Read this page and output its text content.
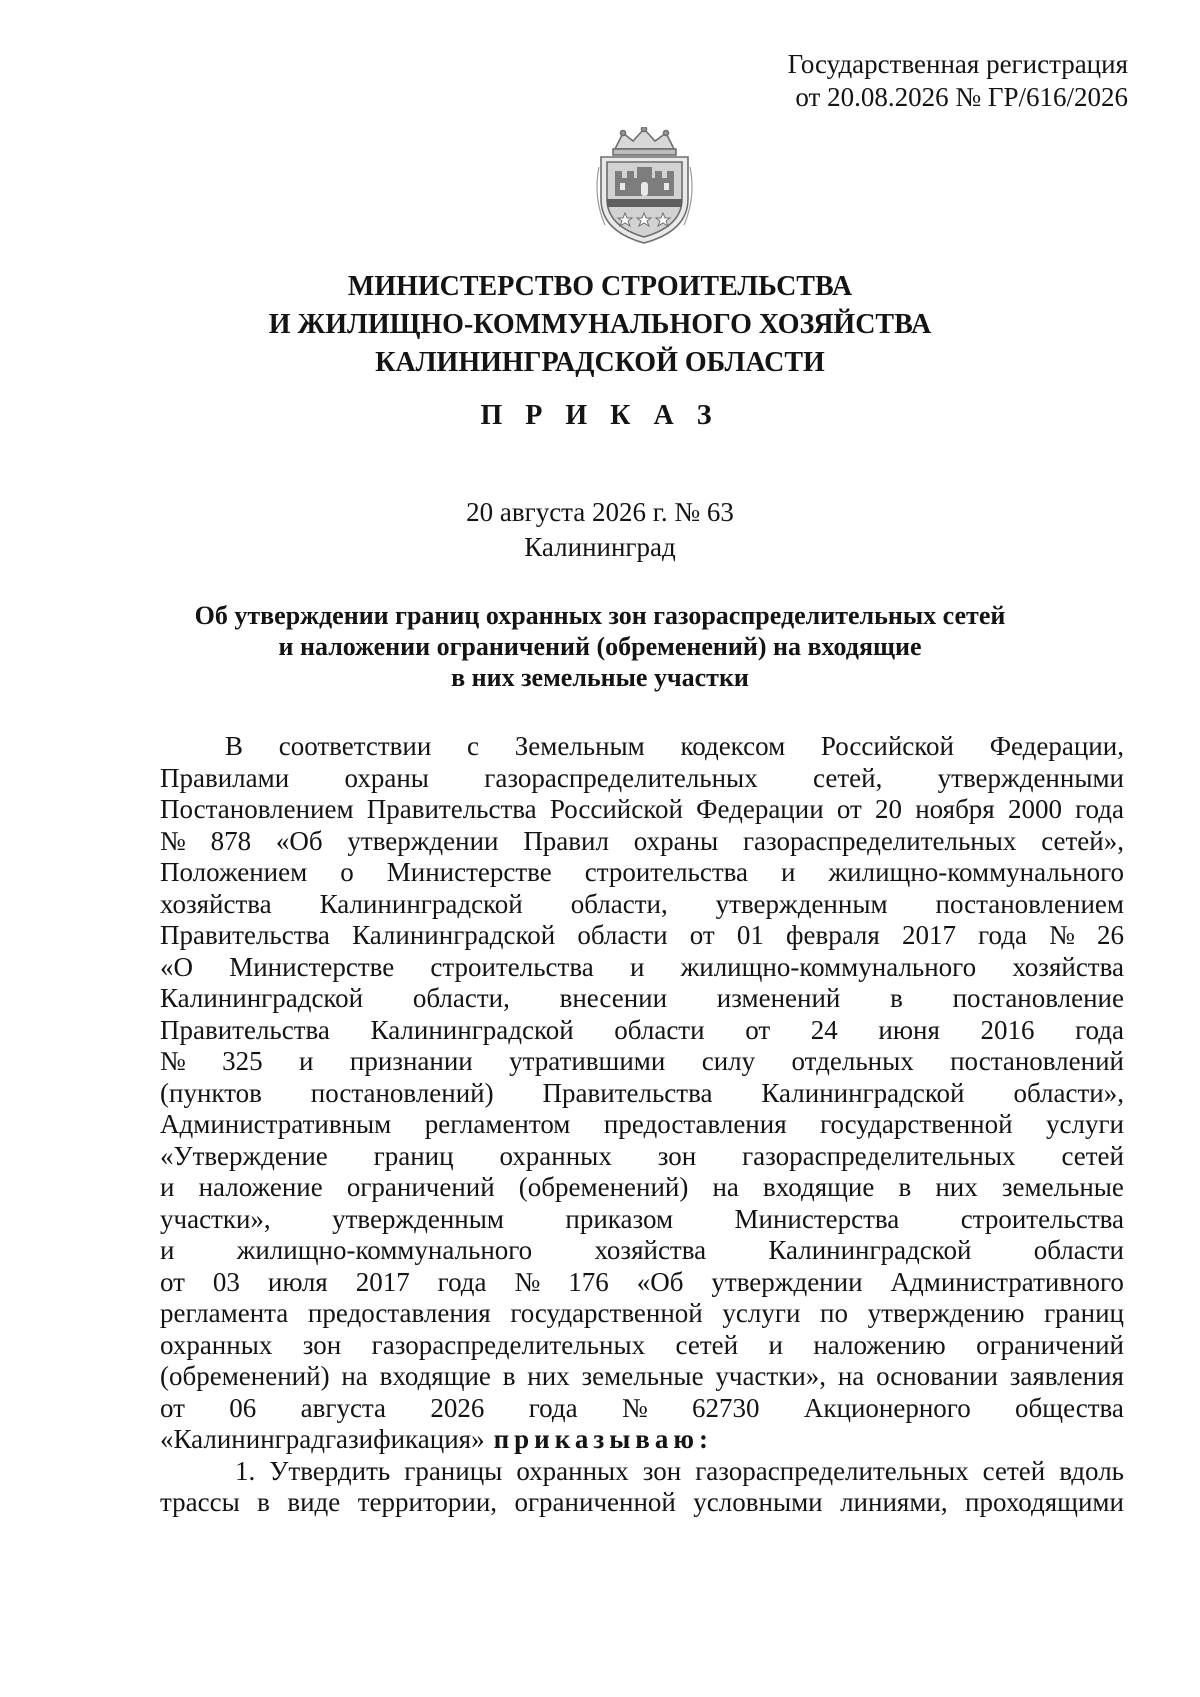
Государственная регистрация
от 20.08.2026 № ГР/616/2026
МИНИСТЕРСТВО СТРОИТЕЛЬСТВА
И ЖИЛИЩНО-КОММУНАЛЬНОГО ХОЗЯЙСТВА
КАЛИНИНГРАДСКОЙ ОБЛАСТИ
П Р И К А З
20 августа 2026 г. № 63
Калининград
Об утверждении границ охранных зон газораспределительных сетей
и наложении ограничений (обременений) на входящие
в них земельные участки
В соответствии с Земельным кодексом Российской Федерации,
Правилами охраны газораспределительных сетей, утвержденными
Постановлением Правительства Российской Федерации от 20 ноября 2000 года
№ 878 «Об утверждении Правил охраны газораспределительных сетей»,
Положением о Министерстве строительства и жилищно-коммунального
хозяйства Калининградской области, утвержденным постановлением
Правительства Калининградской области от 01 февраля 2017 года № 26
«О Министерстве строительства и жилищно-коммунального хозяйства
Калининградской области, внесении изменений в постановление
Правительства Калининградской области от 24 июня 2016 года
№ 325 и признании утратившими силу отдельных постановлений
(пунктов постановлений) Правительства Калининградской области»,
Административным регламентом предоставления государственной услуги
«Утверждение границ охранных зон газораспределительных сетей
и наложение ограничений (обременений) на входящие в них земельные
участки», утвержденным приказом Министерства строительства
и жилищно-коммунального хозяйства Калининградской области
от 03 июля 2017 года № 176 «Об утверждении Административного
регламента предоставления государственной услуги по утверждению границ
охранных зон газораспределительных сетей и наложению ограничений
(обременений) на входящие в них земельные участки», на основании заявления
от 06 августа 2026 года № 62730 Акционерного общества
«Калининградгазификация» приказываю:
1. Утвердить границы охранных зон газораспределительных сетей вдоль
трассы в виде территории, ограниченной условными линиями, проходящими
